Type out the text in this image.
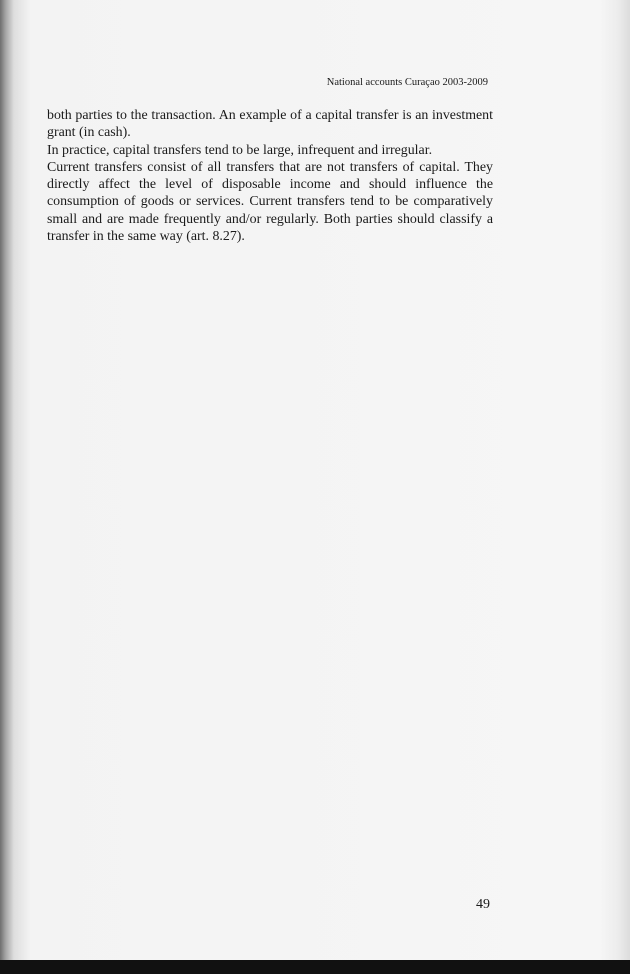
National accounts Curaçao 2003-2009

both parties to the transaction. An example of a capital transfer is an investment grant (in cash).

In practice, capital transfers tend to be large, infrequent and irregular.

Current transfers consist of all transfers that are not transfers of capital. They directly affect the level of disposable income and should influence the consumption of goods or services. Current transfers tend to be comparatively small and are made frequently and/or regularly. Both parties should classify a transfer in the same way (art. 8.27).

49
